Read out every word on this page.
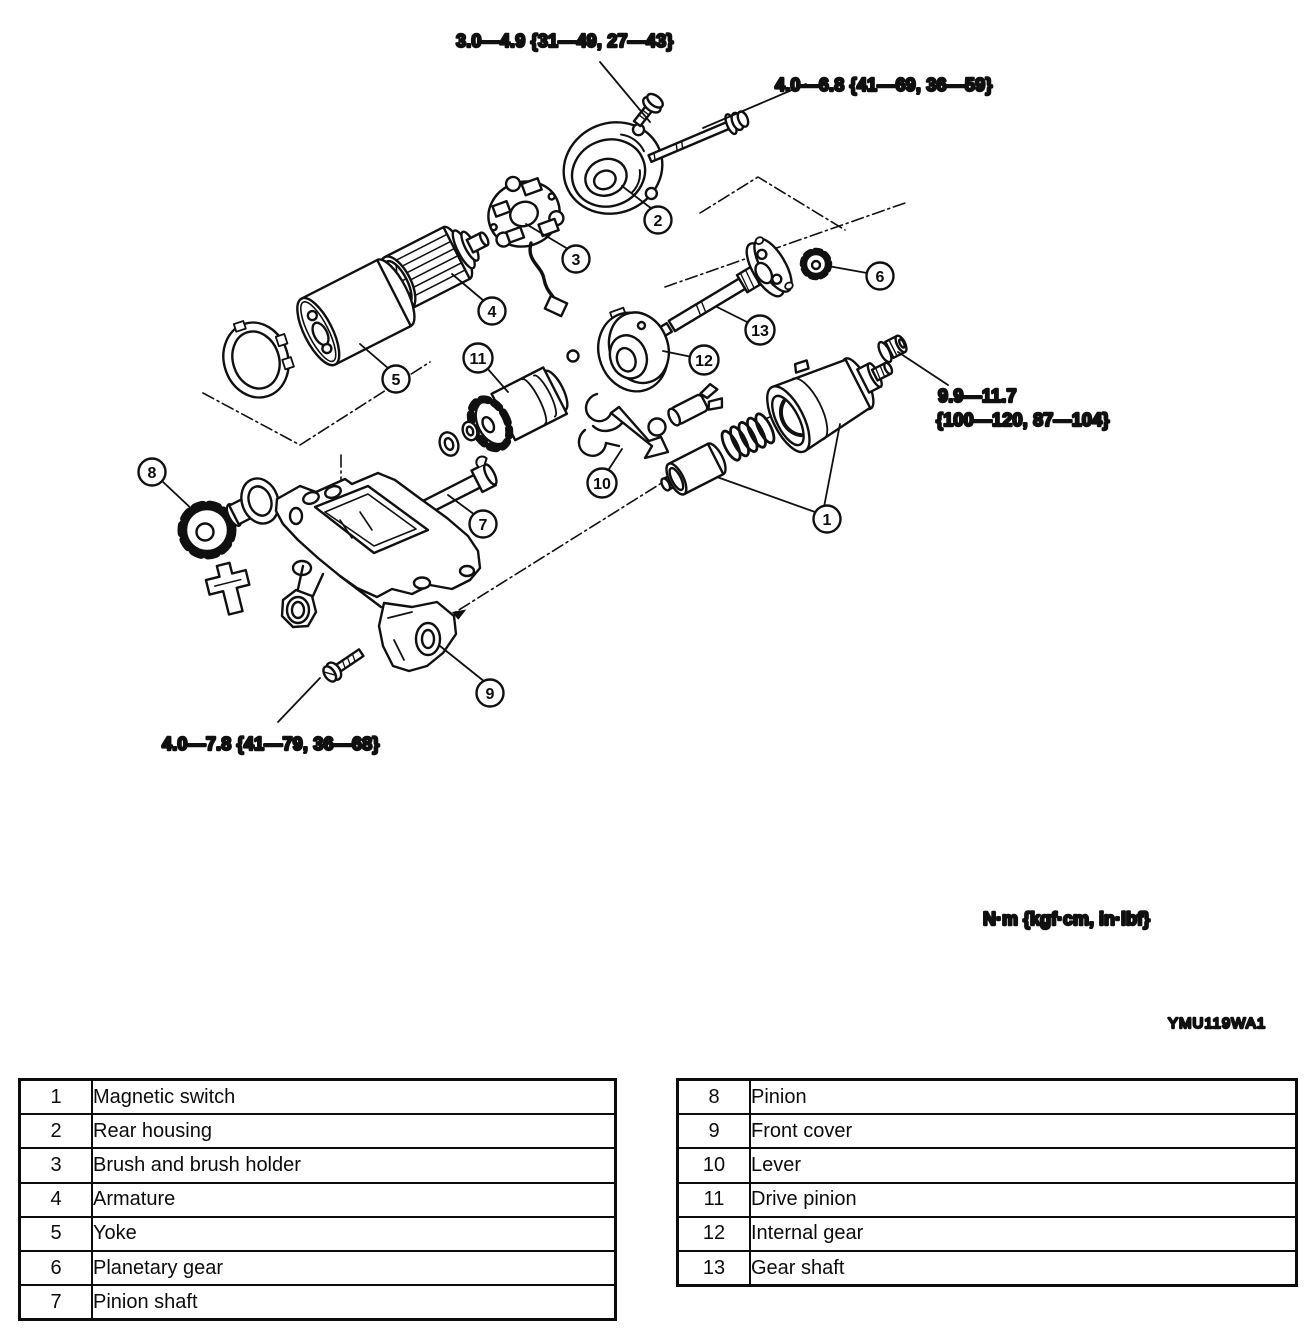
1
2
3
4
5
6
7
8
9
10
11	12
13
3.0—4.9 {31—49, 27—43}
4.0—6.8 {41—69, 36—59}
9.9—11.7
{100—120, 87—104}
4.0—7.8 {41—79, 36—68}
N·m {kgf·cm, in·lbf}
YMU119WA1
1	Magnetic switch
2	Rear housing
3	Brush and brush holder
4	Armature
5	Yoke
6	Planetary gear
7	Pinion shaft
8	Pinion
9	Front cover
10	Lever
11	Drive pinion
12	Internal gear
13	Gear shaft
